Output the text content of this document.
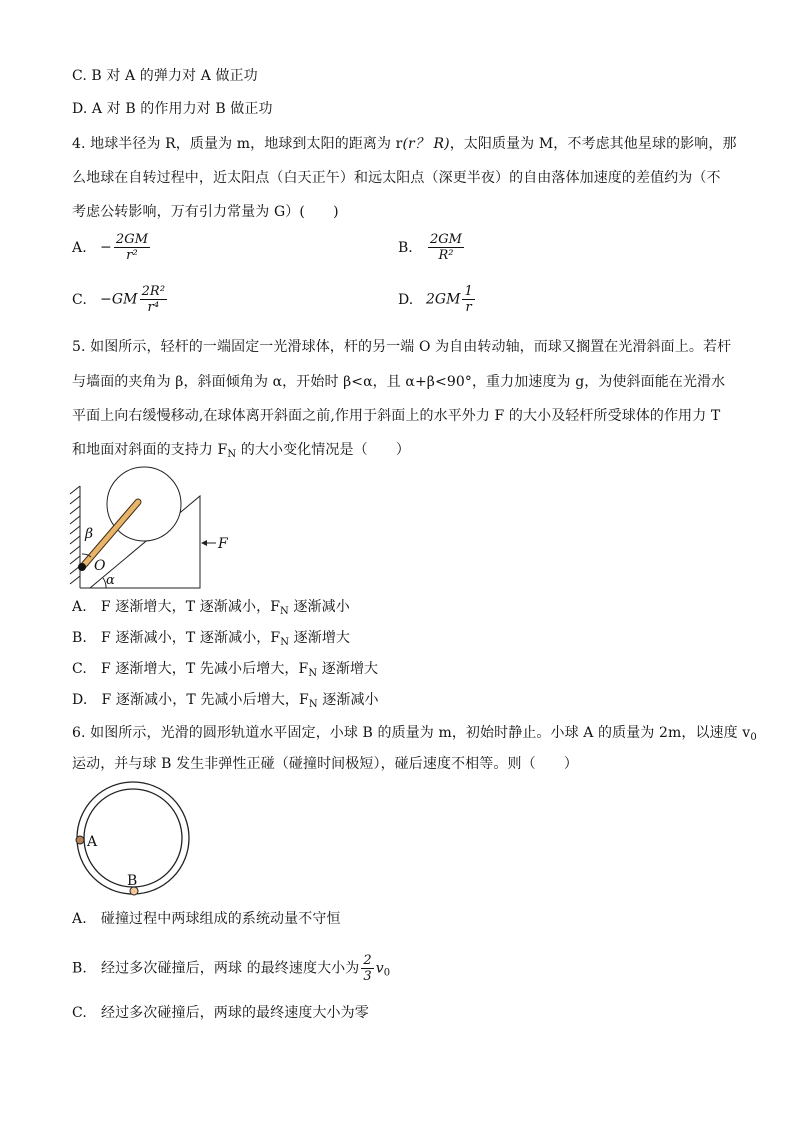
C. B 对 A 的弹力对 A 做正功
D. A 对 B 的作用力对 B 做正功
4. 地球半径为 R，质量为 m，地球到太阳的距离为 r(r？ R)，太阳质量为 M，不考虑其他星球的影响，那
么地球在自转过程中，近太阳点（白天正午）和远太阳点（深更半夜）的自由落体加速度的差值约为（不
考虑公转影响，万有引力常量为 G）(　　)
A. − $\frac{2GM}{\text{r²}}$	B. $\frac{2GM}{\text{R²}}$
C. $-GM \frac{\text{2R²}}{\text{r⁴}}$	D. $2GM \frac{1}{r}$
5. 如图所示，轻杆的一端固定一光滑球体，杆的另一端 O 为自由转动轴，而球又搁置在光滑斜面上。若杆
与墙面的夹角为 β，斜面倾角为 α，开始时 β<α，且 α+β<90°，重力加速度为 g，为使斜面能在光滑水
平面上向右缓慢移动,在球体离开斜面之前,作用于斜面上的水平外力 F 的大小及轻杆所受球体的作用力 T
和地面对斜面的支持力 $F_N$ 的大小变化情况是（　　）
β
O
α
F
A.　F 逐渐增大，T 逐渐减小，$F_N$ 逐渐减小
B.　F 逐渐减小，T 逐渐减小，$F_N$ 逐渐增大
C.　F 逐渐增大，T 先减小后增大，$F_N$ 逐渐增大
D.　F 逐渐减小，T 先减小后增大，$F_N$ 逐渐减小
6. 如图所示，光滑的圆形轨道水平固定，小球 B 的质量为 m，初始时静止。小球 A 的质量为 2m，以速度 $v_0$
运动，并与球 B 发生非弹性正碰（碰撞时间极短），碰后速度不相等。则（　　）
A
B
A.　碰撞过程中两球组成的系统动量不守恒
B.　经过多次碰撞后，两球 的最终速度大小为 $\frac{2}{3} v_0$
C.　经过多次碰撞后，两球的最终速度大小为零
